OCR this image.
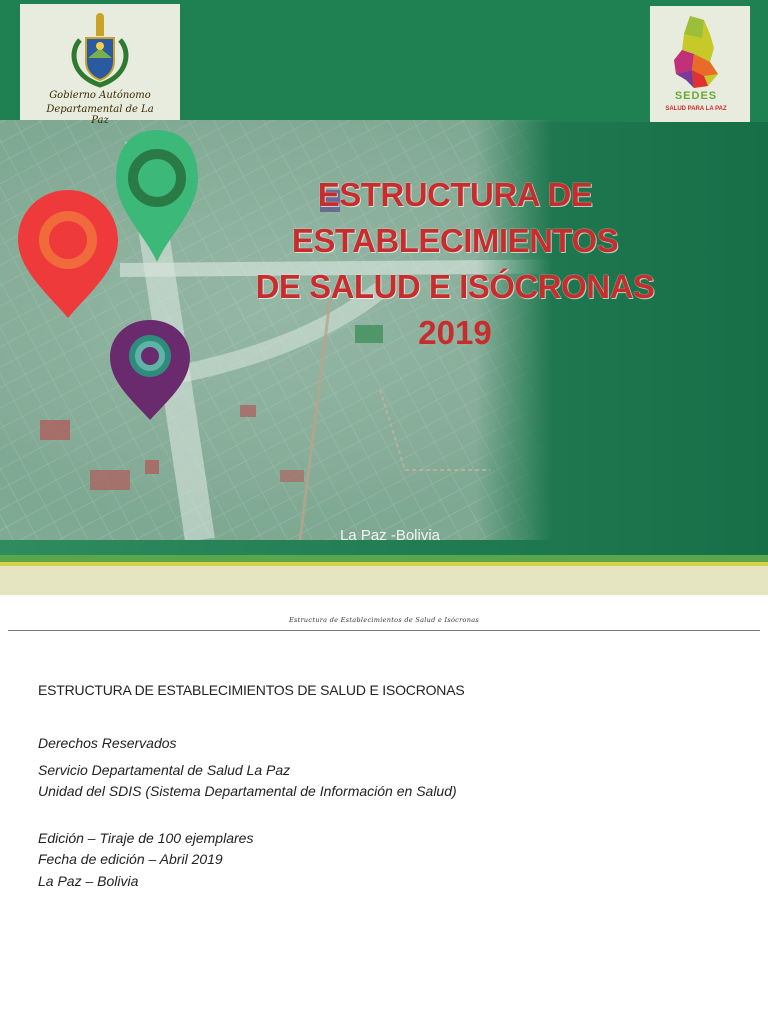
Gobierno Autónomo
Departamental de La Paz
SEDES
SALUD PARA LA PAZ
ESTRUCTURA DE
ESTABLECIMIENTOS
DE SALUD E ISÓCRONAS
2019
La Paz -Bolivia
Estructura de Establecimientos de Salud e Isócronas
ESTRUCTURA DE ESTABLECIMIENTOS DE SALUD E ISOCRONAS
Derechos Reservados
Servicio Departamental de Salud La Paz
Unidad del SDIS (Sistema Departamental de Información en Salud)
Edición – Tiraje de 100 ejemplares
Fecha de edición – Abril 2019
La Paz – Bolivia
